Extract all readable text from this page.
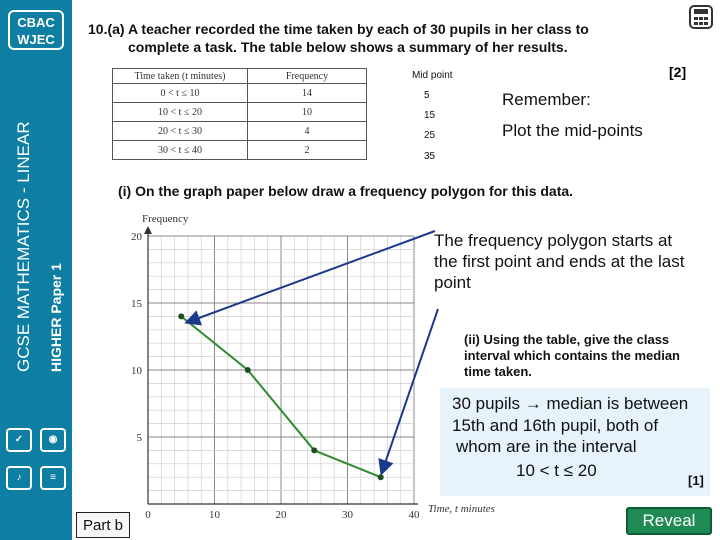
CBAC
WJEC
GCSE MATHEMATICS - LINEAR HIGHER Paper 1
✓	◉
♪	≡
10.(a) A teacher recorded the time taken by each of 30 pupils in her class to
complete a task. The table below shows a summary of her results.
[2]
Time taken (t minutes)	Frequency
0 < t ≤ 10	14
10 < t ≤ 20	10
20 < t ≤ 30	4
30 < t ≤ 40	2
Mid point
5
15
25
35
Remember:
Plot the mid-points
(i) On the graph paper below draw a frequency polygon for this data.
0	10	20	30	40
5
10
15
20
Frequency
Time, t minutes
The frequency polygon starts at the first point and ends at the last point
(ii) Using the table, give the class interval which contains the median time taken.
30 pupils → median is between
15th and 16th pupil, both of
whom are in the interval
10 < t ≤ 20
[1]
Part b	Reveal
